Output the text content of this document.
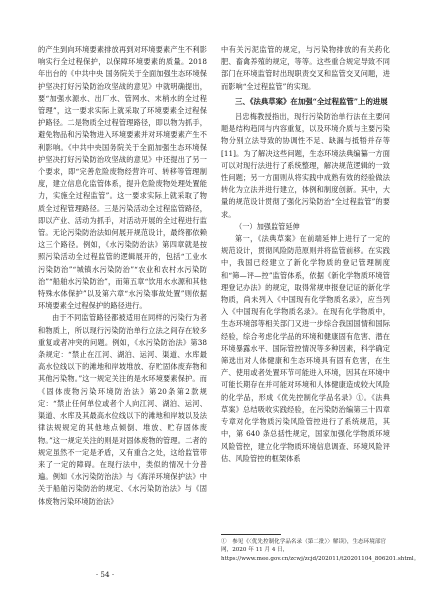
的产生到向环境要素排放再到对环境要素产生不利影响实行全过程保护，以保障环境要素的质量。2018年出台的《中共中央 国务院关于全面加强生态环境保护坚决打好污染防治攻坚战的意见》中就明确提出，要“加强水源水、出厂水、管网水、末梢水的全过程管理”，这一要求实际上就采取了环境要素全过程保护路径。二是物质全过程管理路径，即以物为抓手，避免物品和污染物进入环境要素并对环境要素产生不利影响。《中共中央国务院关于全面加强生态环境保护坚决打好污染防治攻坚战的意见》中还提出了另一个要求，即“完善危险废物经营许可、转移等管理制度，建立信息化监管体系，提升危险废物处理处置能力，实施全过程监管”。这一要求实际上就采取了物质全过程管理路径。三是污染活动全过程监管路径，即以产业、活动为抓手，对活动开展的全过程进行监管。无论污染防治法如何展开规范设计，最终都依赖这三个路径。例如，《水污染防治法》第四章就是按照污染活动全过程监管的逻辑展开的，包括“工业水污染防治”“城镇水污染防治”“农业和农村水污染防治”“船舶水污染防治”，而第五章“饮用水水源和其他特殊水体保护”以及第六章“水污染事故处置”则依据环境要素全过程保护的路径进行。

由于不同监管路径都被适用在同样的污染行为者和物质上，所以现行污染防治单行立法之间存在较多重复或者冲突的问题。例如，《水污染防治法》第38条规定：“禁止在江河、湖泊、运河、渠道、水库最高水位线以下的滩地和岸坡堆放、存贮固体废弃物和其他污染物。”这一规定关注的是水环境要素保护。而《固体废物污染环境防治法》第20条第2款规定：“禁止任何单位或者个人向江河、湖泊、运河、渠道、水库及其最高水位线以下的滩地和岸坡以及法律法规规定的其他地点倾倒、堆放、贮存固体废物。”这一规定关注的则是对固体废物的管理。二者的规定虽然不一定是矛盾，又有重合之处，这给监管带来了一定的障碍。在现行法中，类似的情况十分普遍。例如《水污染防治法》与《海洋环境保护法》中关于船舶污染防治的规定、《水污染防治法》与《固体废物污染环境防治法》

中有关污泥监管的规定，与污染物排放的有关药化肥、畜禽养殖的规定，等等。这些重合规定导致不同部门在环境监管时出现职责交叉和监管交叉问题，进而影响“全过程监管”的实现。

三、《法典草案》在加强“全过程监管”上的进展

吕忠梅教授指出，现行污染防治单行法在主要问题是结构趋同与内容重复，以及环境介质与主要污染物分别立法导致的协调性不足、缺漏与抵牾并存等[11]。为了解决这些问题，生态环境法典编纂一方面可以对现行法进行了系统整理，解决规范逻辑的一致性问题；另一方面则从将实践中成熟有效的经验做法转化为立法并进行建立，体例和制度创新。其中，大量的规范设计贯彻了强化污染防治“全过程监管”的要求。

（一）加强监管延伸

第一，《法典草案》在前端延伸上进行了一定的规范设计，贯彻风险防范原则并将监管前移。在实践中，我国已经建立了新化学物质的登记管理制度和“筛—评—控”监管体系，依据《新化学物质环境管理登记办法》的规定，取得常规申报登记证的新化学物质，尚未列入《中国现有化学物质名录》，应当列入《中国现有化学物质名录》。在现有化学物质中，生态环境部等相关部门又进一步综合我国国情和国际经验，综合考虑化学品的环境和健康固有危害、潜在环境暴露水平、国际管控情况等多种因素，科学确定筛选出对人体健康和生态环境具有固有危害，在生产、使用或者处置环节可能进入环境，因其在环境中可能长期存在并可能对环境和人体健康造成较大风险的化学品，形成《优先控制化学品名录》①。《法典草案》总结吸收实践经验，在污染防治编第三十四章专章对化学物质污染风险管控进行了系统规范，其中，第 640 条总括性规定，国家加强化学物质环境风险管控，建立化学物质环境信息调查、环境风险评估、风险管控的框架体系

①　参见《〈优先控制化学品名录（第二批）〉解读》，生态环境部官网，2020 年 11 月 4 日，https://www.mee.gov.cn/zcwj/zcjd/202011/t20201104_806201.shtml。

· 54 ·
